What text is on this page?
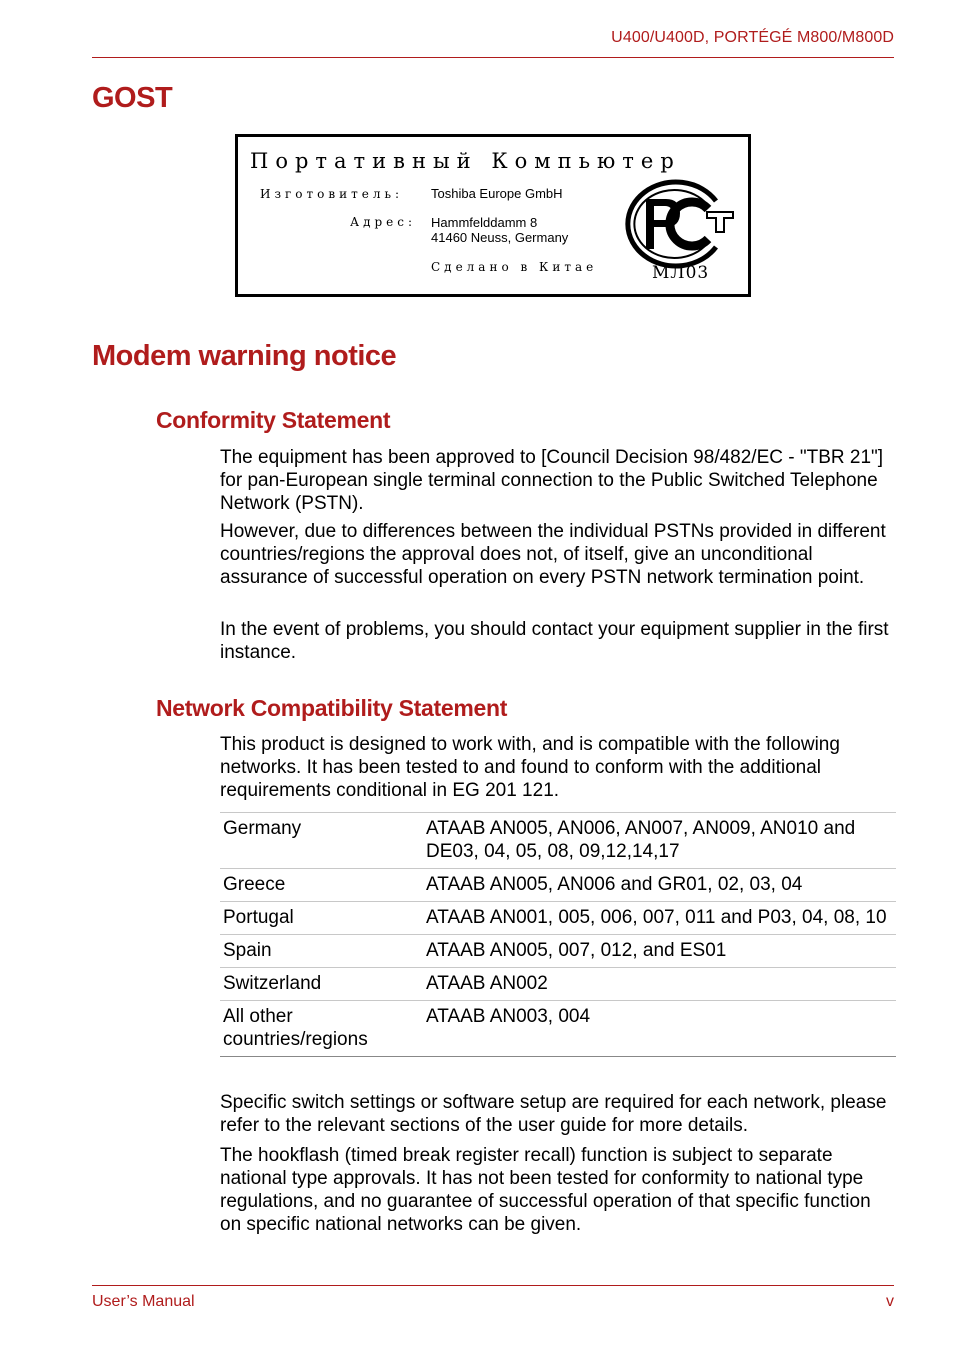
U400/U400D, PORTÉGÉ M800/M800D
GOST
Портативный Компьютер
Изготовитель: Toshiba Europe GmbH
Адрес: Hammfelddamm 8
41460 Neuss, Germany
Сделано в Китае	МЛ03
Modem warning notice
Conformity Statement
The equipment has been approved to [Council Decision 98/482/EC - "TBR 21"] for pan-European single terminal connection to the Public Switched Telephone Network (PSTN).
However, due to differences between the individual PSTNs provided in different countries/regions the approval does not, of itself, give an unconditional assurance of successful operation on every PSTN network termination point.
In the event of problems, you should contact your equipment supplier in the first instance.
Network Compatibility Statement
This product is designed to work with, and is compatible with the following networks. It has been tested to and found to conform with the additional requirements conditional in EG 201 121.
Germany	ATAAB AN005, AN006, AN007, AN009, AN010 and DE03, 04, 05, 08, 09,12,14,17
Greece	ATAAB AN005, AN006 and GR01, 02, 03, 04
Portugal	ATAAB AN001, 005, 006, 007, 011 and P03, 04, 08, 10
Spain	ATAAB AN005, 007, 012, and ES01
Switzerland	ATAAB AN002
All other countries/regions	ATAAB AN003, 004
Specific switch settings or software setup are required for each network, please refer to the relevant sections of the user guide for more details.
The hookflash (timed break register recall) function is subject to separate national type approvals. It has not been tested for conformity to national type regulations, and no guarantee of successful operation of that specific function on specific national networks can be given.
User’s Manual	v
